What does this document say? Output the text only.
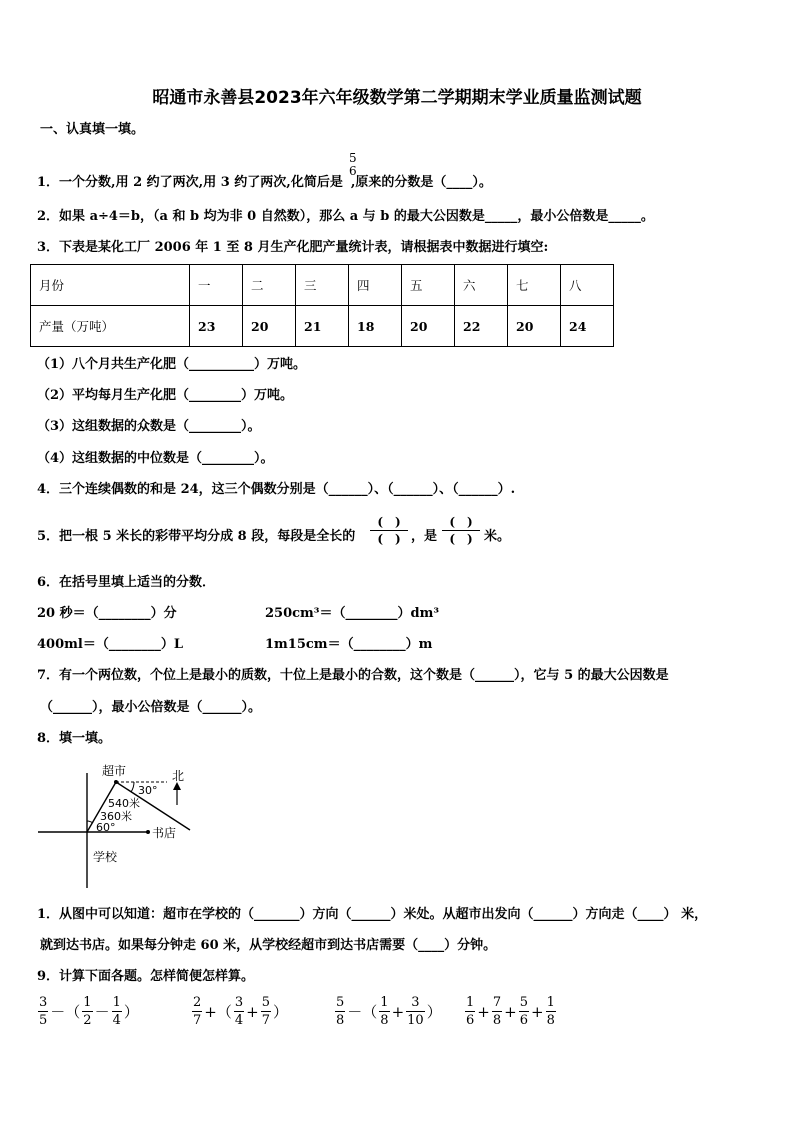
昭通市永善县2023年六年级数学第二学期期末学业质量监测试题
一、认真填一填。
1．一个分数,用 2 约了两次,用 3 约了两次,化简后是 ,原来的分数是（____）。
5
6
2．如果 a÷4＝b，（a 和 b 均为非 0 自然数），那么 a 与 b 的最大公因数是_____，最小公倍数是_____。
3．下表是某化工厂 2006 年 1 至 8 月生产化肥产量统计表，请根据表中数据进行填空:
月份	一	二	三	四	五	六	七	八
产量（万吨）	23	20	21	18	20	22	20	24
（1）八个月共生产化肥（__________）万吨。
（2）平均每月生产化肥（________）万吨。
（3）这组数据的众数是（________）。
（4）这组数据的中位数是（________）。
4．三个连续偶数的和是 24，这三个偶数分别是（______）、（______）、（______）.
5．把一根 5 米长的彩带平均分成 8 段，每段是全长的
(　)
(　) ，是
(　)
(　) 米。
6．在括号里填上适当的分数．
20 秒＝（________）分	250cm³＝（________）dm³
400ml＝（________）L	1m15cm＝（________）m
7．有一个两位数，个位上是最小的质数，十位上是最小的合数，这个数是（______），它与 5 的最大公因数是
（______），最小公倍数是（______）。
8．填一填。
超市	北
30°
540米
360米
60°	书店
学校
1．从图中可以知道：超市在学校的（_______）方向（______）米处。从超市出发向（______）方向走（____） 米，
就到达书店。如果每分钟走 60 米，从学校经超市到达书店需要（____）分钟。
9．计算下面各题。怎样简便怎样算。
$\frac{3}{5}$ －（ $\frac{1}{2} - \frac{1}{4}$ ）	$\frac{2}{7}$ +（ $\frac{3}{4} + \frac{5}{7}$ ）	$\frac{5}{8}$ －（ $\frac{1}{8} + \frac{3}{10}$ ） $\frac{1}{6} + \frac{7}{8} + \frac{5}{6} + \frac{1}{8}$
